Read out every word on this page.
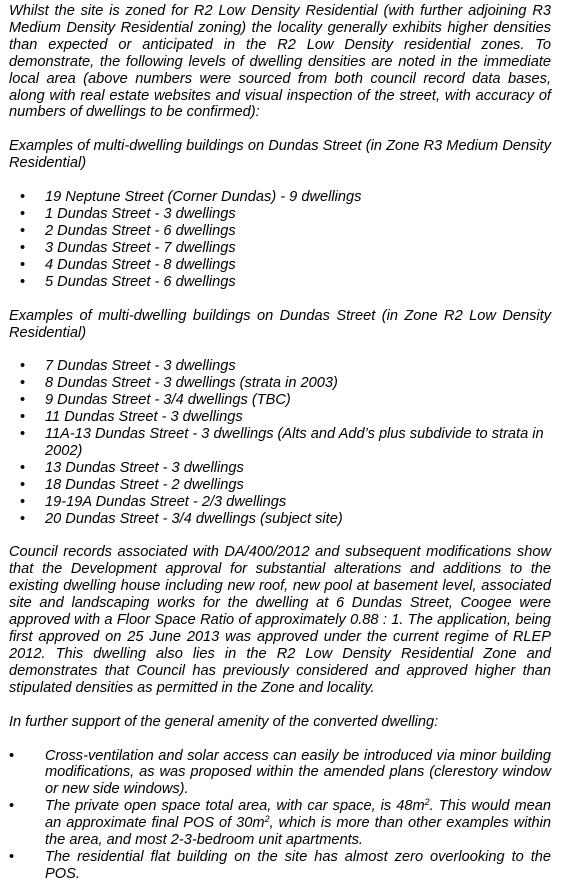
Whilst the site is zoned for R2 Low Density Residential (with further adjoining R3 Medium Density Residential zoning) the locality generally exhibits higher densities than expected or anticipated in the R2 Low Density residential zones. To demonstrate, the following levels of dwelling densities are noted in the immediate local area (above numbers were sourced from both council record data bases, along with real estate websites and visual inspection of the street, with accuracy of numbers of dwellings to be confirmed):

Examples of multi-dwelling buildings on Dundas Street (in Zone R3 Medium Density Residential)

• 19 Neptune Street (Corner Dundas) - 9 dwellings
• 1 Dundas Street - 3 dwellings
• 2 Dundas Street - 6 dwellings
• 3 Dundas Street - 7 dwellings
• 4 Dundas Street - 8 dwellings
• 5 Dundas Street - 6 dwellings

Examples of multi-dwelling buildings on Dundas Street (in Zone R2 Low Density Residential)

• 7 Dundas Street - 3 dwellings
• 8 Dundas Street - 3 dwellings (strata in 2003)
• 9 Dundas Street - 3/4 dwellings (TBC)
• 11 Dundas Street - 3 dwellings
• 11A-13 Dundas Street - 3 dwellings (Alts and Add’s plus subdivide to strata in 2002)
• 13 Dundas Street - 3 dwellings
• 18 Dundas Street - 2 dwellings
• 19-19A Dundas Street - 2/3 dwellings
• 20 Dundas Street - 3/4 dwellings (subject site)

Council records associated with DA/400/2012 and subsequent modifications show that the Development approval for substantial alterations and additions to the existing dwelling house including new roof, new pool at basement level, associated site and landscaping works for the dwelling at 6 Dundas Street, Coogee were approved with a Floor Space Ratio of approximately 0.88 : 1. The application, being first approved on 25 June 2013 was approved under the current regime of RLEP 2012. This dwelling also lies in the R2 Low Density Residential Zone and demonstrates that Council has previously considered and approved higher than stipulated densities as permitted in the Zone and locality.

In further support of the general amenity of the converted dwelling:

• Cross-ventilation and solar access can easily be introduced via minor building modifications, as was proposed within the amended plans (clerestory window or new side windows).
• The private open space total area, with car space, is $48m^2$. This would mean an approximate final POS of $30m^2$, which is more than other examples within the area, and most 2-3-bedroom unit apartments.
• The residential flat building on the site has almost zero overlooking to the POS.
